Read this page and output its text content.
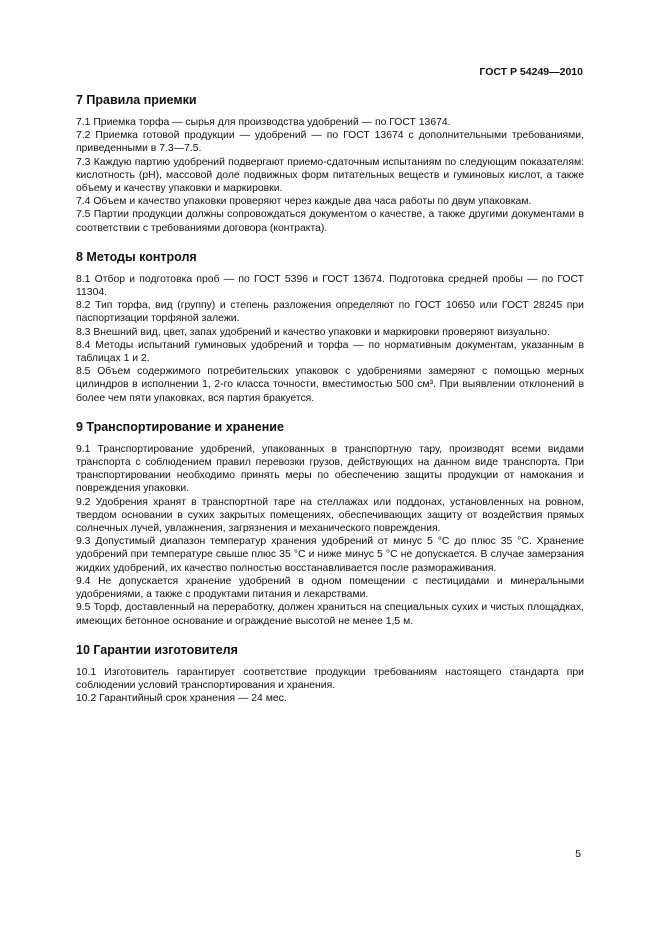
ГОСТ Р 54249—2010
7 Правила приемки

7.1 Приемка торфа — сырья для производства удобрений — по ГОСТ 13674.

7.2 Приемка готовой продукции — удобрений — по ГОСТ 13674 с дополнительными требованиями, приведенными в 7.3—7.5.

7.3 Каждую партию удобрений подвергают приемо-сдаточным испытаниям по следующим показателям: кислотность (рН), массовой доле подвижных форм питательных веществ и гуминовых кислот, а также объему и качеству упаковки и маркировки.

7.4 Объем и качество упаковки проверяют через каждые два часа работы по двум упаковкам.

7.5 Партии продукции должны сопровождаться документом о качестве, а также другими документами в соответствии с требованиями договора (контракта).

8 Методы контроля

8.1 Отбор и подготовка проб — по ГОСТ 5396 и ГОСТ 13674. Подготовка средней пробы — по ГОСТ 11304.

8.2 Тип торфа, вид (группу) и степень разложения определяют по ГОСТ 10650 или ГОСТ 28245 при паспортизации торфяной залежи.

8.3 Внешний вид, цвет, запах удобрений и качество упаковки и маркировки проверяют визуально.

8.4 Методы испытаний гуминовых удобрений и торфа — по нормативным документам, указанным в таблицах 1 и 2.

8.5 Объем содержимого потребительских упаковок с удобрениями замеряют с помощью мерных цилиндров в исполнении 1, 2-го класса точности, вместимостью 500 см³. При выявлении отклонений в более чем пяти упаковках, вся партия бракуется.

9 Транспортирование и хранение

9.1 Транспортирование удобрений, упакованных в транспортную тару, производят всеми видами транспорта с соблюдением правил перевозки грузов, действующих на данном виде транспорта. При транспортировании необходимо принять меры по обеспечению защиты продукции от намокания и повреждения упаковки.

9.2 Удобрения хранят в транспортной таре на стеллажах или поддонах, установленных на ровном, твердом основании в сухих закрытых помещениях, обеспечивающих защиту от воздействия прямых солнечных лучей, увлажнения, загрязнения и механического повреждения.

9.3 Допустимый диапазон температур хранения удобрений от минус 5 °С до плюс 35 °С. Хранение удобрений при температуре свыше плюс 35 °С и ниже минус 5 °С не допускается. В случае замерзания жидких удобрений, их качество полностью восстанавливается после размораживания.

9.4 Не допускается хранение удобрений в одном помещении с пестицидами и минеральными удобрениями, а также с продуктами питания и лекарствами.

9.5 Торф, доставленный на переработку, должен храниться на специальных сухих и чистых площадках, имеющих бетонное основание и ограждение высотой не менее 1,5 м.

10 Гарантии изготовителя

10.1 Изготовитель гарантирует соответствие продукции требованиям настоящего стандарта при соблюдении условий транспортирования и хранения.

10.2 Гарантийный срок хранения — 24 мес.

5
